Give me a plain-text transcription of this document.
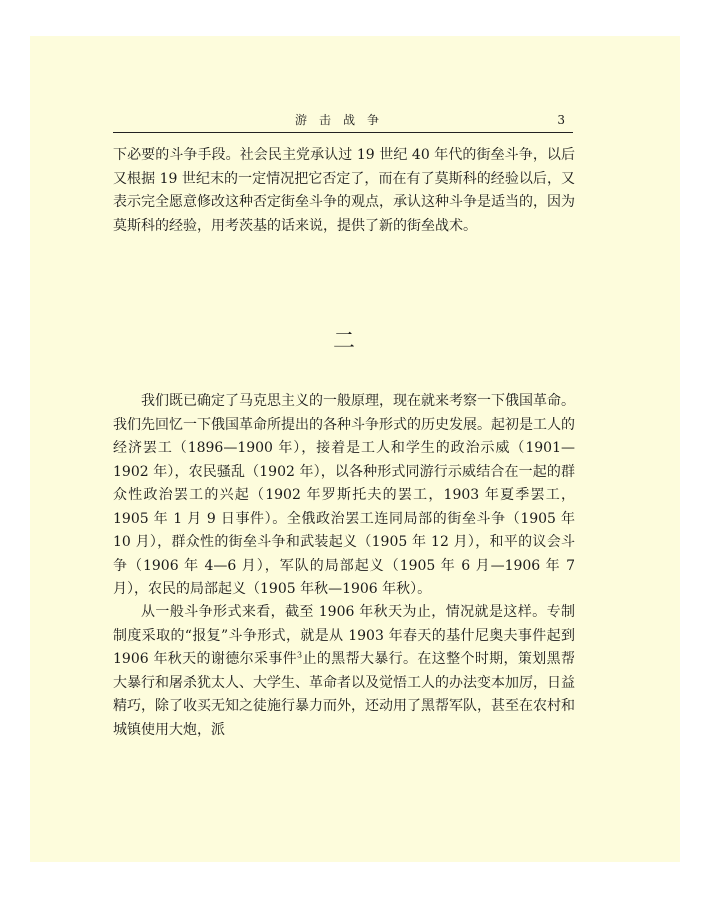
游击战争	3

下必要的斗争手段。社会民主党承认过 19 世纪 40 年代的街垒斗争，以后又根据 19 世纪末的一定情况把它否定了，而在有了莫斯科的经验以后，又表示完全愿意修改这种否定街垒斗争的观点，承认这种斗争是适当的，因为莫斯科的经验，用考茨基的话来说，提供了新的街垒战术。

二

我们既已确定了马克思主义的一般原理，现在就来考察一下俄国革命。我们先回忆一下俄国革命所提出的各种斗争形式的历史发展。起初是工人的经济罢工（1896—1900 年），接着是工人和学生的政治示威（1901—1902 年），农民骚乱（1902 年），以各种形式同游行示威结合在一起的群众性政治罢工的兴起（1902 年罗斯托夫的罢工，1903 年夏季罢工，1905 年 1 月 9 日事件）。全俄政治罢工连同局部的街垒斗争（1905 年 10 月），群众性的街垒斗争和武装起义（1905 年 12 月），和平的议会斗争（1906 年 4—6 月），军队的局部起义（1905 年 6 月—1906 年 7 月），农民的局部起义（1905 年秋—1906 年秋）。

从一般斗争形式来看，截至 1906 年秋天为止，情况就是这样。专制制度采取的“报复”斗争形式，就是从 1903 年春天的基什尼奥夫事件起到 1906 年秋天的谢德尔采事件$^3$止的黑帮大暴行。在这整个时期，策划黑帮大暴行和屠杀犹太人、大学生、革命者以及觉悟工人的办法变本加厉，日益精巧，除了收买无知之徒施行暴力而外，还动用了黑帮军队，甚至在农村和城镇使用大炮，派
